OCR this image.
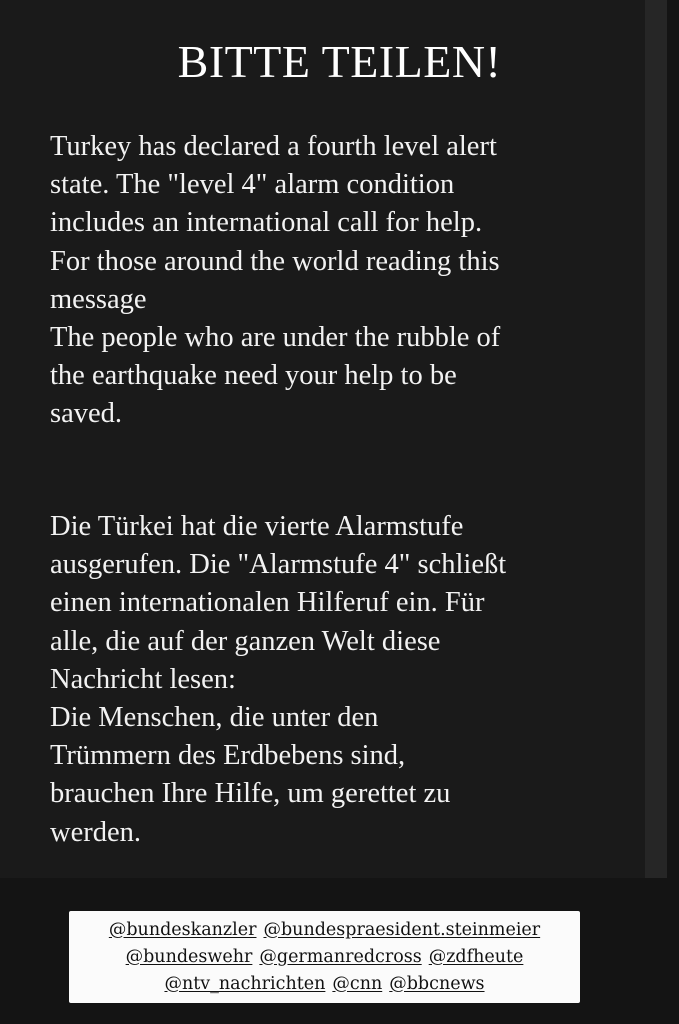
BITTE TEILEN!
Turkey has declared a fourth level alert
state. The "level 4" alarm condition
includes an international call for help.
For those around the world reading this
message
The people who are under the rubble of
the earthquake need your help to be
saved.
Die Türkei hat die vierte Alarmstufe
ausgerufen. Die "Alarmstufe 4" schließt
einen internationalen Hilferuf ein. Für
alle, die auf der ganzen Welt diese
Nachricht lesen:
Die Menschen, die unter den
Trümmern des Erdbebens sind,
brauchen Ihre Hilfe, um gerettet zu
werden.
@bundeskanzler @bundespraesident.steinmeier
@bundeswehr @germanredcross @zdfheute
@ntv_nachrichten @cnn @bbcnews
